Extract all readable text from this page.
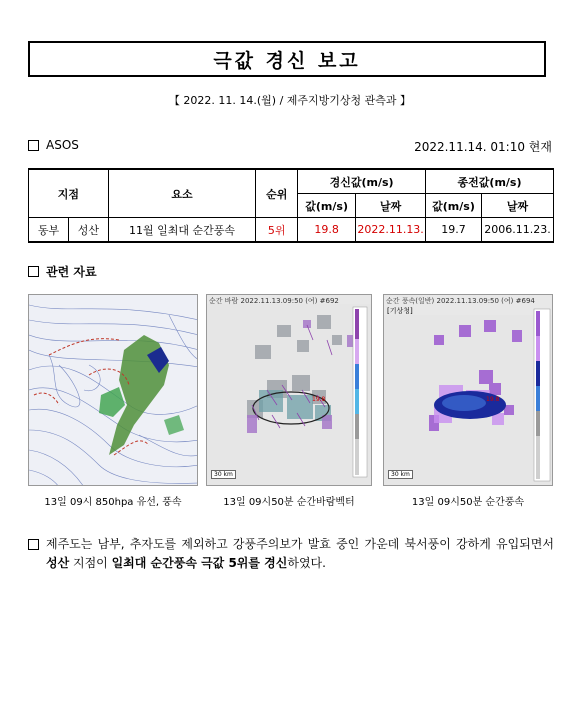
극값 경신 보고
【 2022. 11. 14.(월) / 제주지방기상청 관측과 】
ASOS	2022.11.14. 01:10 현재
지점		요소	순위	경신값(m/s)		종전값(m/s)	
				값(m/s)	날짜	값(m/s)	날짜
동부	성산	11월 일최대 순간풍속	5위	19.8	2022.11.13.	19.7	2006.11.23.
관련 자료
순간 바람 2022.11.13.09:50 (여) #692
19.8
30 km
순간 풍속(일반) 2022.11.13.09:50 (여) #694
[기상청]
19.8
30 km
13일 09시 850hpa 유선, 풍속	13일 09시50분 순간바람벡터	13일 09시50분 순간풍속
제주도는 남부, 추자도를 제외하고 강풍주의보가 발효 중인 가운데 북서풍이 강하게 유입되면서 성산 지점이 일최대 순간풍속 극값 5위를 경신하였다.
